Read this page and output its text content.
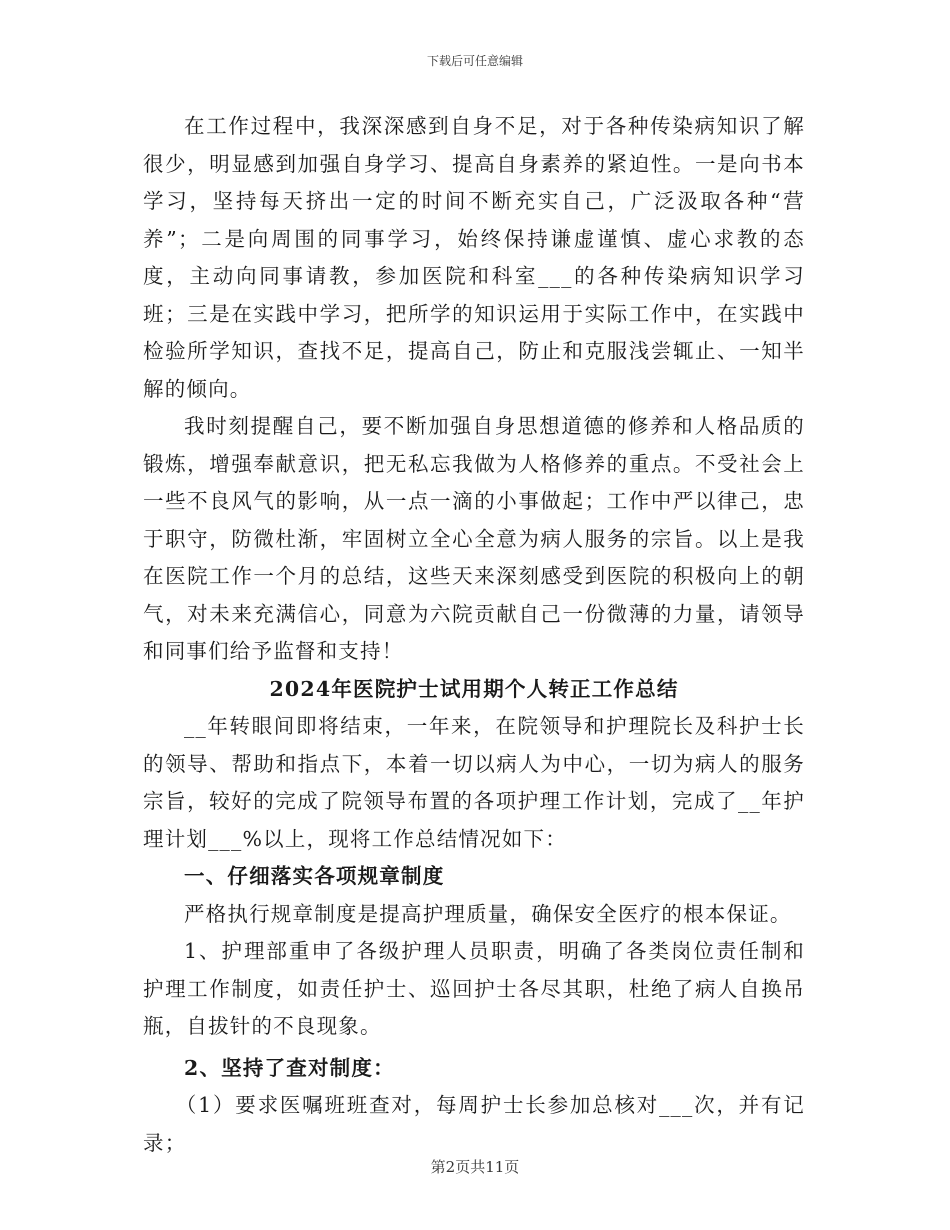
下载后可任意编辑

在工作过程中，我深深感到自身不足，对于各种传染病知识了解很少，明显感到加强自身学习、提高自身素养的紧迫性。一是向书本学习，坚持每天挤出一定的时间不断充实自己，广泛汲取各种“营养”；二是向周围的同事学习，始终保持谦虚谨慎、虚心求教的态度，主动向同事请教，参加医院和科室___的各种传染病知识学习班；三是在实践中学习，把所学的知识运用于实际工作中，在实践中检验所学知识，查找不足，提高自己，防止和克服浅尝辄止、一知半解的倾向。

我时刻提醒自己，要不断加强自身思想道德的修养和人格品质的锻炼，增强奉献意识，把无私忘我做为人格修养的重点。不受社会上一些不良风气的影响，从一点一滴的小事做起；工作中严以律己，忠于职守，防微杜渐，牢固树立全心全意为病人服务的宗旨。以上是我在医院工作一个月的总结，这些天来深刻感受到医院的积极向上的朝气，对未来充满信心，同意为六院贡献自己一份微薄的力量，请领导和同事们给予监督和支持！

2024年医院护士试用期个人转正工作总结

__年转眼间即将结束，一年来，在院领导和护理院长及科护士长的领导、帮助和指点下，本着一切以病人为中心，一切为病人的服务宗旨，较好的完成了院领导布置的各项护理工作计划，完成了__年护理计划___%以上，现将工作总结情况如下：

一、仔细落实各项规章制度

严格执行规章制度是提高护理质量，确保安全医疗的根本保证。

1、护理部重申了各级护理人员职责，明确了各类岗位责任制和护理工作制度，如责任护士、巡回护士各尽其职，杜绝了病人自换吊瓶，自拔针的不良现象。

2、坚持了查对制度：

（1）要求医嘱班班查对，每周护士长参加总核对___次，并有记录；

第2页共11页
